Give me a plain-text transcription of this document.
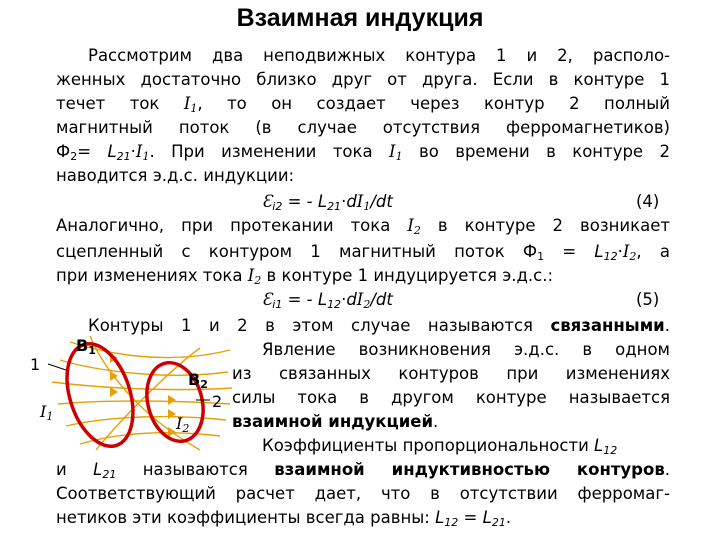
Взаимная индукция
Рассмотрим два неподвижных контура 1 и 2, располо-
женных достаточно близко друг от друга. Если в контуре 1
течет ток $I_1$, то он создает через контур 2 полный
магнитный поток (в случае отсутствия ферромагнетиков)
$Ф_2= L_{21}\cdot I_1$. При изменении тока $I_1$ во времени в контуре 2
наводится э.д.с. индукции:
$Ɛ_{i2}$ = - $L_{21}\cdot dI_1/dt$	(4)
Аналогично, при протекании тока $I_2$ в контуре 2 возникает
сцепленный с контуром 1 магнитный поток $Ф_1 = L_{12}\cdot I_2$, а
при изменениях тока $I_2$ в контуре 1 индуцируется э.д.с.:
$Ɛ_{i1}$ = - $L_{12}\cdot dI_2/dt$	(5)
Контуры 1 и 2 в этом случае называются связанными.
Явление возникновения э.д.с. в одном
из связанных контуров при изменениях
силы тока в другом контуре называется
взаимной индукцией.
Коэффициенты пропорциональности $L_{12}$
и $L_{21}$ называются взаимной индуктивностью контуров.
Соответствующий расчет дает, что в отсутствии ферромаг-
нетиков эти коэффициенты всегда равны: $L_{12} = L_{21}$.
1
2
$B_1$
$B_2$
$I_1$	$I_2$
